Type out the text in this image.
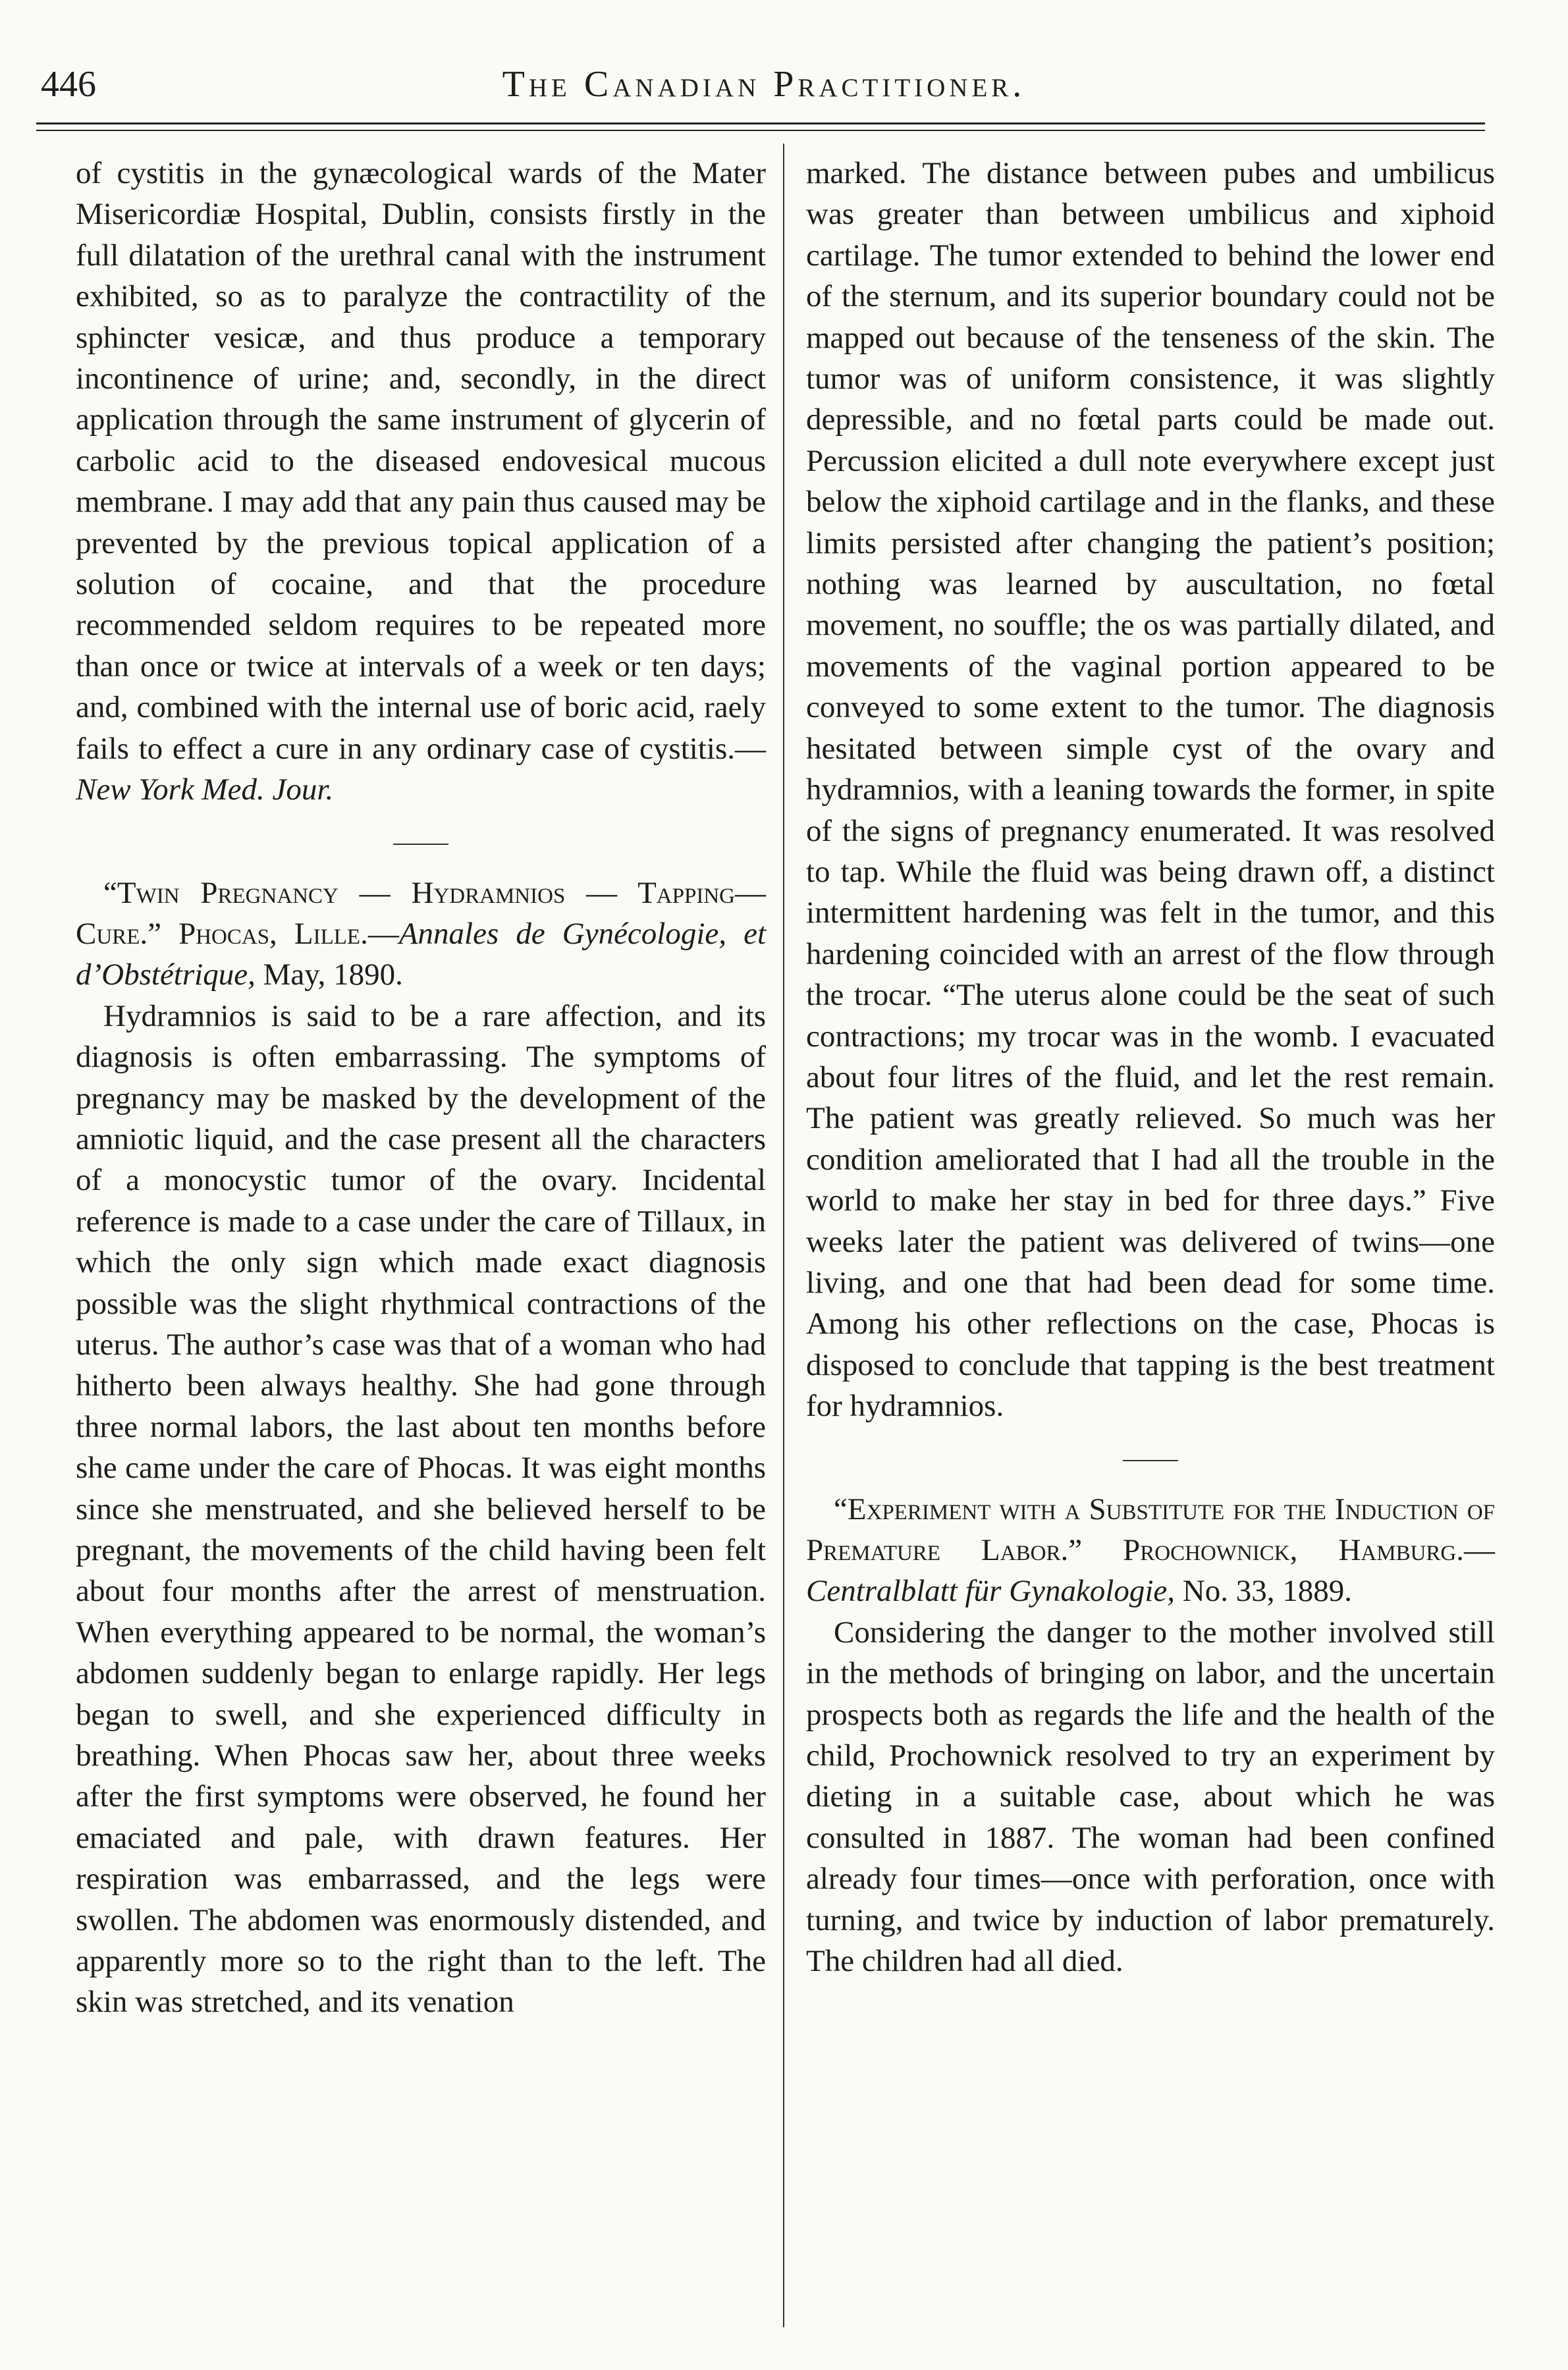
446	The Canadian Practitioner.

of cystitis in the gynæcological wards of the Mater Misericordiæ Hospital, Dublin, consists firstly in the full dilatation of the urethral canal with the instrument exhibited, so as to paralyze the contractility of the sphincter vesicæ, and thus produce a temporary incontinence of urine; and, secondly, in the direct application through the same instrument of glycerin of carbolic acid to the diseased endovesical mucous membrane. I may add that any pain thus caused may be prevented by the previous topical application of a solution of cocaine, and that the procedure recommended seldom requires to be repeated more than once or twice at intervals of a week or ten days; and, combined with the internal use of boric acid, raely fails to effect a cure in any ordinary case of cystitis.—New York Med. Jour.

“Twin Pregnancy — Hydramnios — Tapping—Cure.” Phocas, Lille.—Annales de Gynécologie, et d’Obstétrique, May, 1890.

Hydramnios is said to be a rare affection, and its diagnosis is often embarrassing. The symptoms of pregnancy may be masked by the development of the amniotic liquid, and the case present all the characters of a monocystic tumor of the ovary. Incidental reference is made to a case under the care of Tillaux, in which the only sign which made exact diagnosis possible was the slight rhythmical contractions of the uterus. The author’s case was that of a woman who had hitherto been always healthy. She had gone through three normal labors, the last about ten months before she came under the care of Phocas. It was eight months since she menstruated, and she believed herself to be pregnant, the movements of the child having been felt about four months after the arrest of menstruation. When everything appeared to be normal, the woman’s abdomen suddenly began to enlarge rapidly. Her legs began to swell, and she experienced difficulty in breathing. When Phocas saw her, about three weeks after the first symptoms were observed, he found her emaciated and pale, with drawn features. Her respiration was embarrassed, and the legs were swollen. The abdomen was enormously distended, and apparently more so to the right than to the left. The skin was stretched, and its venation

marked. The distance between pubes and umbilicus was greater than between umbilicus and xiphoid cartilage. The tumor extended to behind the lower end of the sternum, and its superior boundary could not be mapped out because of the tenseness of the skin. The tumor was of uniform consistence, it was slightly depressible, and no fœtal parts could be made out. Percussion elicited a dull note everywhere except just below the xiphoid cartilage and in the flanks, and these limits persisted after changing the patient’s position; nothing was learned by auscultation, no fœtal movement, no souffle; the os was partially dilated, and movements of the vaginal portion appeared to be conveyed to some extent to the tumor. The diagnosis hesitated between simple cyst of the ovary and hydramnios, with a leaning towards the former, in spite of the signs of pregnancy enumerated. It was resolved to tap. While the fluid was being drawn off, a distinct intermittent hardening was felt in the tumor, and this hardening coincided with an arrest of the flow through the trocar. “The uterus alone could be the seat of such contractions; my trocar was in the womb. I evacuated about four litres of the fluid, and let the rest remain. The patient was greatly relieved. So much was her condition ameliorated that I had all the trouble in the world to make her stay in bed for three days.” Five weeks later the patient was delivered of twins—one living, and one that had been dead for some time. Among his other reflections on the case, Phocas is disposed to conclude that tapping is the best treatment for hydramnios.

“Experiment with a Substitute for the Induction of Premature Labor.” Prochownick, Hamburg.—Centralblatt für Gynakologie, No. 33, 1889.

Considering the danger to the mother involved still in the methods of bringing on labor, and the uncertain prospects both as regards the life and the health of the child, Prochownick resolved to try an experiment by dieting in a suitable case, about which he was consulted in 1887. The woman had been confined already four times—once with perforation, once with turning, and twice by induction of labor prematurely. The children had all died.
